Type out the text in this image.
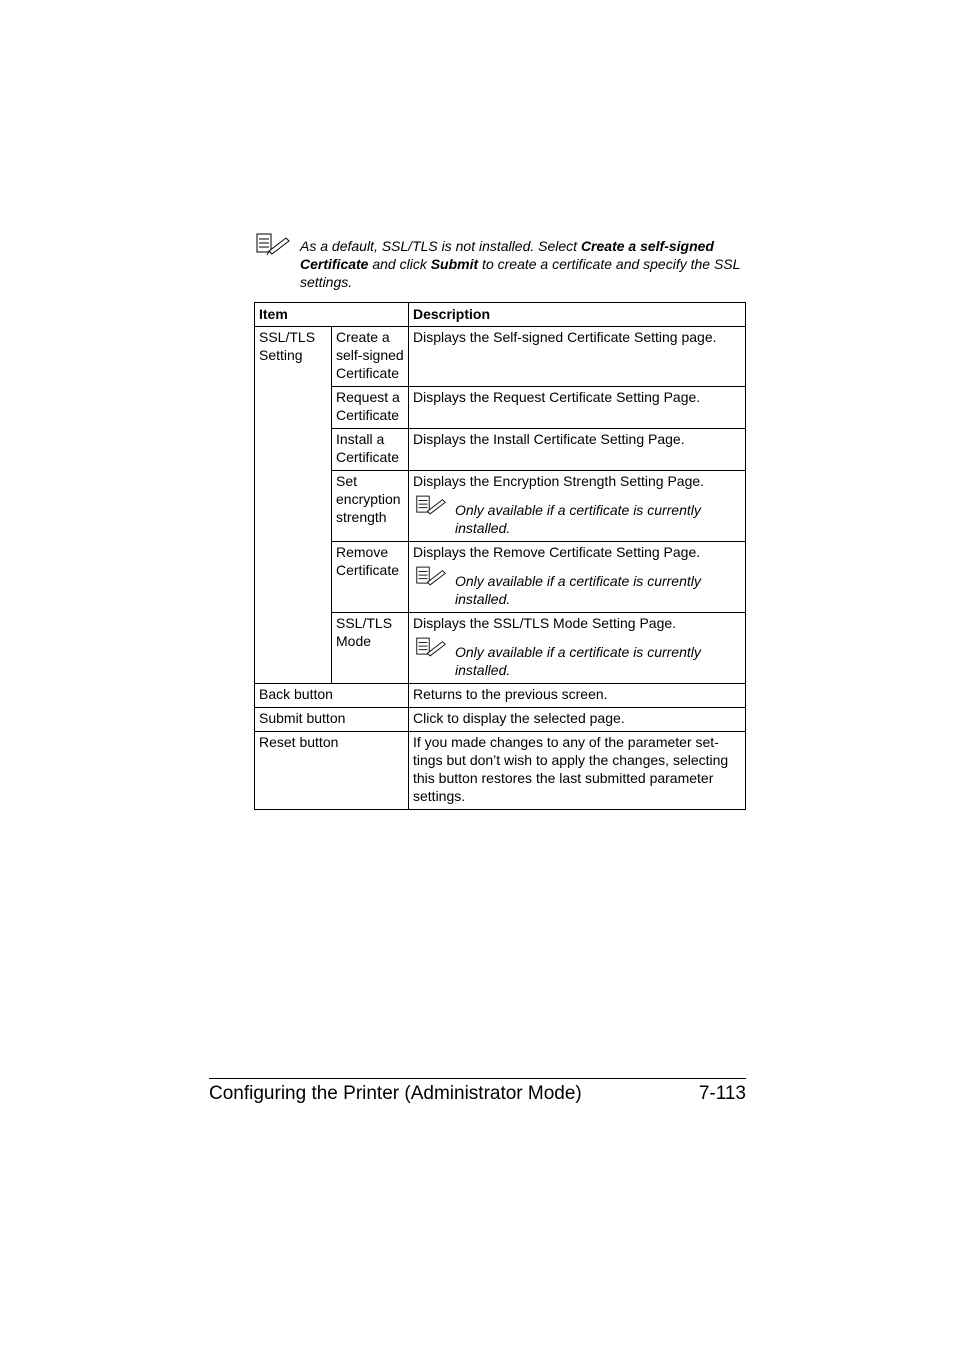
As a default, SSL/TLS is not installed. Select Create a self-signed Certificate and click Submit to create a certificate and specify the SSL settings.
Item		Description
SSL/TLS Setting	Create a self-signed Certificate	Displays the Self-signed Certificate Setting page.
	Request a Certificate	Displays the Request Certificate Setting Page.
	Install a Certificate	Displays the Install Certificate Setting Page.
	Set encryption strength	Displays the Encryption Strength Setting Page.
Only available if a certificate is currently installed.

	Remove Certificate	Displays the Remove Certificate Setting Page.
Only available if a certificate is currently installed.

	SSL/TLS Mode	Displays the SSL/TLS Mode Setting Page.
Only available if a certificate is currently installed.

Back button		Returns to the previous screen.
Submit button		Click to display the selected page.
Reset button		If you made changes to any of the parameter set-tings but don’t wish to apply the changes, selecting this button restores the last submitted parameter settings.
Configuring the Printer (Administrator Mode)	7-113
